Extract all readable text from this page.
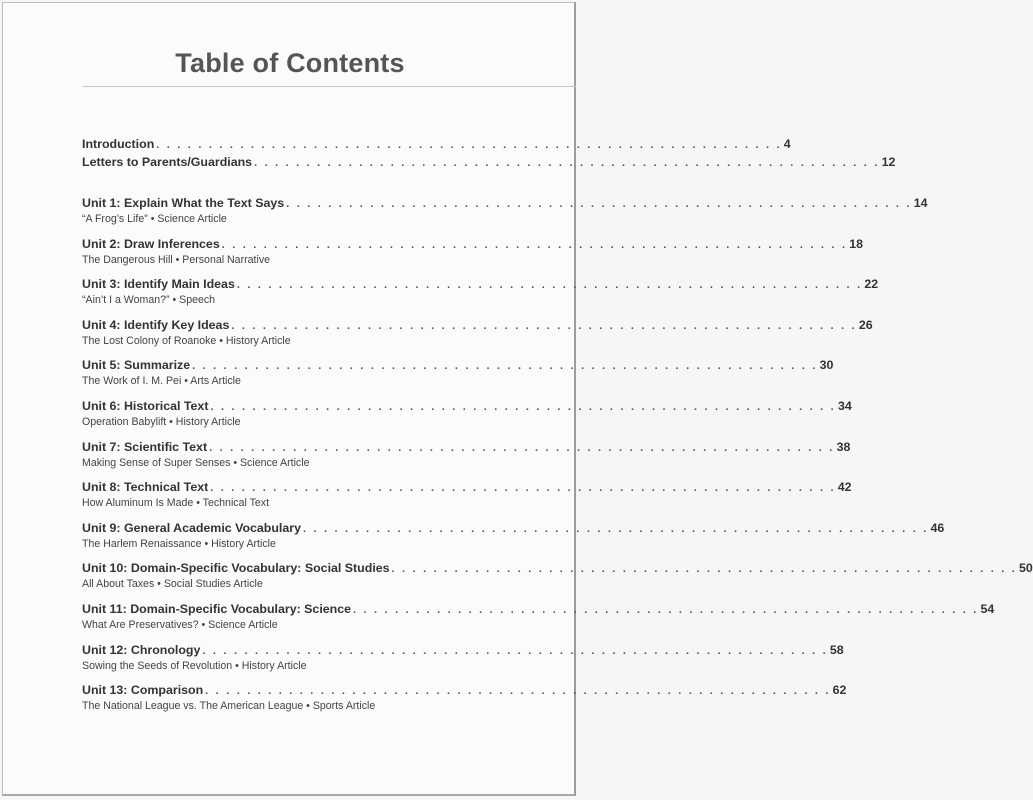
Table of Contents
Introduction . . . . . . . . . . . . . . . . . . . . . . . . . . . . . . . . . . . . . . . . . . . . . . . . . . . . . . . . . . . . 4
Letters to Parents/Guardians . . . . . . . . . . . . . . . . . . . . . . . . . . . . . . . . . . . . . . . . . . . . . . . . . . . . . . . . . . . . 12
Unit 1: Explain What the Text Says . . . . . . . . . . . . . . . . . . . . . . . . . . . . . . . . . . . . . . . . . . . . . . . . . . . . . . . . . . . . 14
“A Frog’s Life” • Science Article
Unit 2: Draw Inferences . . . . . . . . . . . . . . . . . . . . . . . . . . . . . . . . . . . . . . . . . . . . . . . . . . . . . . . . . . . . 18
The Dangerous Hill • Personal Narrative
Unit 3: Identify Main Ideas . . . . . . . . . . . . . . . . . . . . . . . . . . . . . . . . . . . . . . . . . . . . . . . . . . . . . . . . . . . . 22
“Ain’t I a Woman?” • Speech
Unit 4: Identify Key Ideas . . . . . . . . . . . . . . . . . . . . . . . . . . . . . . . . . . . . . . . . . . . . . . . . . . . . . . . . . . . . 26
The Lost Colony of Roanoke • History Article
Unit 5: Summarize . . . . . . . . . . . . . . . . . . . . . . . . . . . . . . . . . . . . . . . . . . . . . . . . . . . . . . . . . . . . 30
The Work of I. M. Pei • Arts Article
Unit 6: Historical Text . . . . . . . . . . . . . . . . . . . . . . . . . . . . . . . . . . . . . . . . . . . . . . . . . . . . . . . . . . . . 34
Operation Babylift • History Article
Unit 7: Scientific Text . . . . . . . . . . . . . . . . . . . . . . . . . . . . . . . . . . . . . . . . . . . . . . . . . . . . . . . . . . . . 38
Making Sense of Super Senses • Science Article
Unit 8: Technical Text . . . . . . . . . . . . . . . . . . . . . . . . . . . . . . . . . . . . . . . . . . . . . . . . . . . . . . . . . . . . 42
How Aluminum Is Made • Technical Text
Unit 9: General Academic Vocabulary . . . . . . . . . . . . . . . . . . . . . . . . . . . . . . . . . . . . . . . . . . . . . . . . . . . . . . . . . . . . 46
The Harlem Renaissance • History Article
Unit 10: Domain-Specific Vocabulary: Social Studies . . . . . . . . . . . . . . . . . . . . . . . . . . . . . . . . . . . . . . . . . . . . . . . . . . . . . . . . . . . . 50
All About Taxes • Social Studies Article
Unit 11: Domain-Specific Vocabulary: Science . . . . . . . . . . . . . . . . . . . . . . . . . . . . . . . . . . . . . . . . . . . . . . . . . . . . . . . . . . . . 54
What Are Preservatives? • Science Article
Unit 12: Chronology . . . . . . . . . . . . . . . . . . . . . . . . . . . . . . . . . . . . . . . . . . . . . . . . . . . . . . . . . . . . 58
Sowing the Seeds of Revolution • History Article
Unit 13: Comparison . . . . . . . . . . . . . . . . . . . . . . . . . . . . . . . . . . . . . . . . . . . . . . . . . . . . . . . . . . . . 62
The National League vs. The American League • Sports Article
